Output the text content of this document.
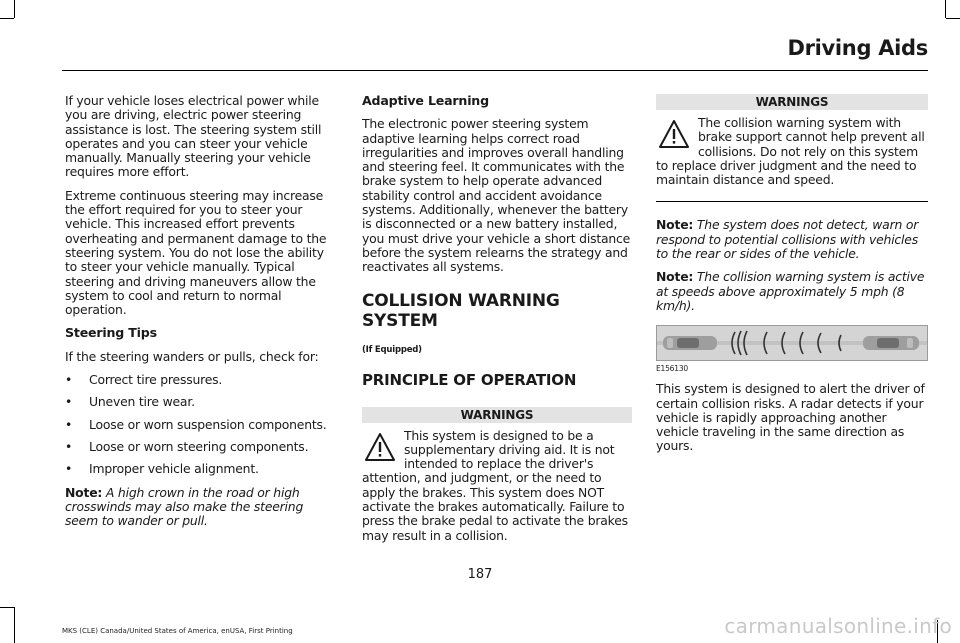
Driving Aids

If your vehicle loses electrical power while you are driving, electric power steering assistance is lost. The steering system still operates and you can steer your vehicle manually. Manually steering your vehicle requires more effort.

Extreme continuous steering may increase the effort required for you to steer your vehicle. This increased effort prevents overheating and permanent damage to the steering system. You do not lose the ability to steer your vehicle manually. Typical steering and driving maneuvers allow the system to cool and return to normal operation.

Steering Tips

If the steering wanders or pulls, check for:

• Correct tire pressures.
• Uneven tire wear.
• Loose or worn suspension components.
• Loose or worn steering components.
• Improper vehicle alignment.

Note: A high crown in the road or high crosswinds may also make the steering seem to wander or pull.

Adaptive Learning

The electronic power steering system adaptive learning helps correct road irregularities and improves overall handling and steering feel. It communicates with the brake system to help operate advanced stability control and accident avoidance systems. Additionally, whenever the battery is disconnected or a new battery installed, you must drive your vehicle a short distance before the system relearns the strategy and reactivates all systems.

COLLISION WARNING SYSTEM
(If Equipped)
PRINCIPLE OF OPERATION
WARNINGS
This system is designed to be a supplementary driving aid. It is not intended to replace the driver's attention, and judgment, or the need to apply the brakes. This system does NOT activate the brakes automatically. Failure to press the brake pedal to activate the brakes may result in a collision.
WARNINGS
The collision warning system with brake support cannot help prevent all collisions. Do not rely on this system to replace driver judgment and the need to maintain distance and speed.

Note: The system does not detect, warn or respond to potential collisions with vehicles to the rear or sides of the vehicle.

Note: The collision warning system is active at speeds above approximately 5 mph (8 km/h).

E156130

This system is designed to alert the driver of certain collision risks. A radar detects if your vehicle is rapidly approaching another vehicle traveling in the same direction as yours.

187
MKS (CLE) Canada/United States of America, enUSA, First Printing	carmanualsonline.info
